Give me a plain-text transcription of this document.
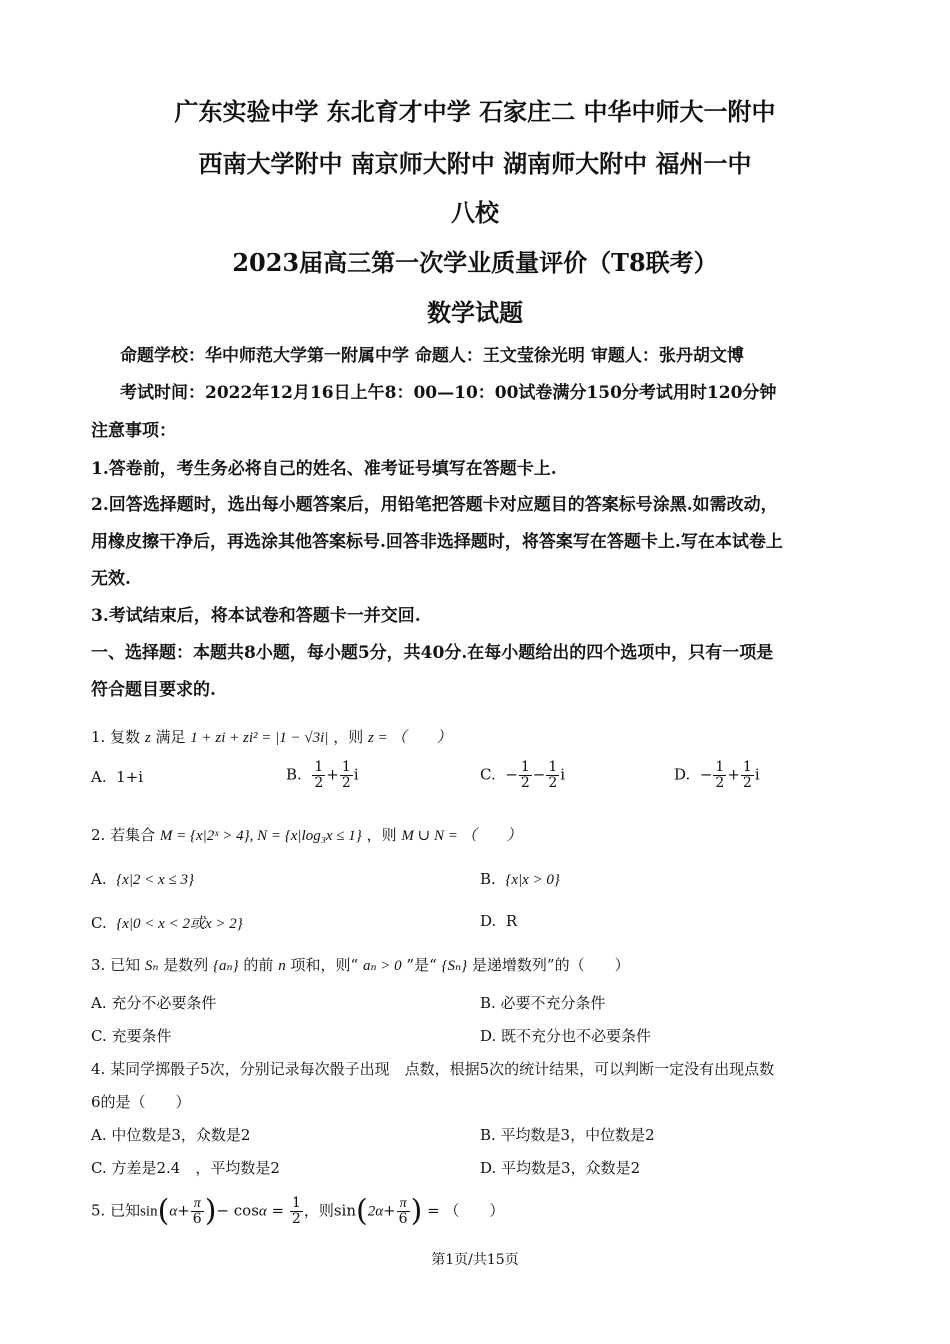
广东实验中学 东北育才中学 石家庄二 中华中师大一附中
西南大学附中 南京师大附中 湖南师大附中 福州一中
八校
2023届高三第一次学业质量评价（T8联考）
数学试题
命题学校：华中师范大学第一附属中学 命题人：王文莹徐光明 审题人：张丹胡文博
考试时间：2022年12月16日上午8：00—10：00试卷满分150分考试用时120分钟
注意事项：
1.答卷前，考生务必将自己的姓名、准考证号填写在答题卡上.
2.回答选择题时，选出每小题答案后，用铅笔把答题卡对应题目的答案标号涂黑.如需改动，
用橡皮擦干净后，再选涂其他答案标号.回答非选择题时，将答案写在答题卡上.写在本试卷上
无效.
3.考试结束后，将本试卷和答题卡一并交回.
一、选择题：本题共8小题，每小题5分，共40分.在每小题给出的四个选项中，只有一项是
符合题目要求的.
1. 复数 z 满足 1 + zi + zi² = |1 − √3i| ，则 z = （　　）
A. 1+i	B. $\frac{1}{2} + \frac{1}{2}$ i	C. − $\frac{1}{2} - \frac{1}{2}$ i	D. − $\frac{1}{2} + \frac{1}{2}$ i
2. 若集合 M = {x|2ˣ > 4}, N = {x|log₃x ≤ 1} ，则 M ∪ N = （　　）
A. {x|2 < x ≤ 3}	B. {x|x > 0}
C. {x|0 < x < 2或x > 2}	D. R
3. 已知 Sₙ 是数列 {aₙ} 的前 n 项和，则“ aₙ > 0 ”是“ {Sₙ} 是递增数列”的（　　）
A. 充分不必要条件	B. 必要不充分条件
C. 充要条件	D. 既不充分也不必要条件
4. 某同学掷骰子5次，分别记录每次骰子出现　点数，根据5次的统计结果，可以判断一定没有出现点数
6的是（　　）
A. 中位数是3，众数是2	B. 平均数是3，中位数是2
C. 方差是2.4　，平均数是2	D. 平均数是3，众数是2
5. 已知$\sin(\alpha+ \frac{\pi}{6}$ )− $\cos\alpha = \frac{1}{2}$ ，则$\sin(2\alpha+ \frac{\pi}{6}$ ) = （　　）
第1页/共15页
